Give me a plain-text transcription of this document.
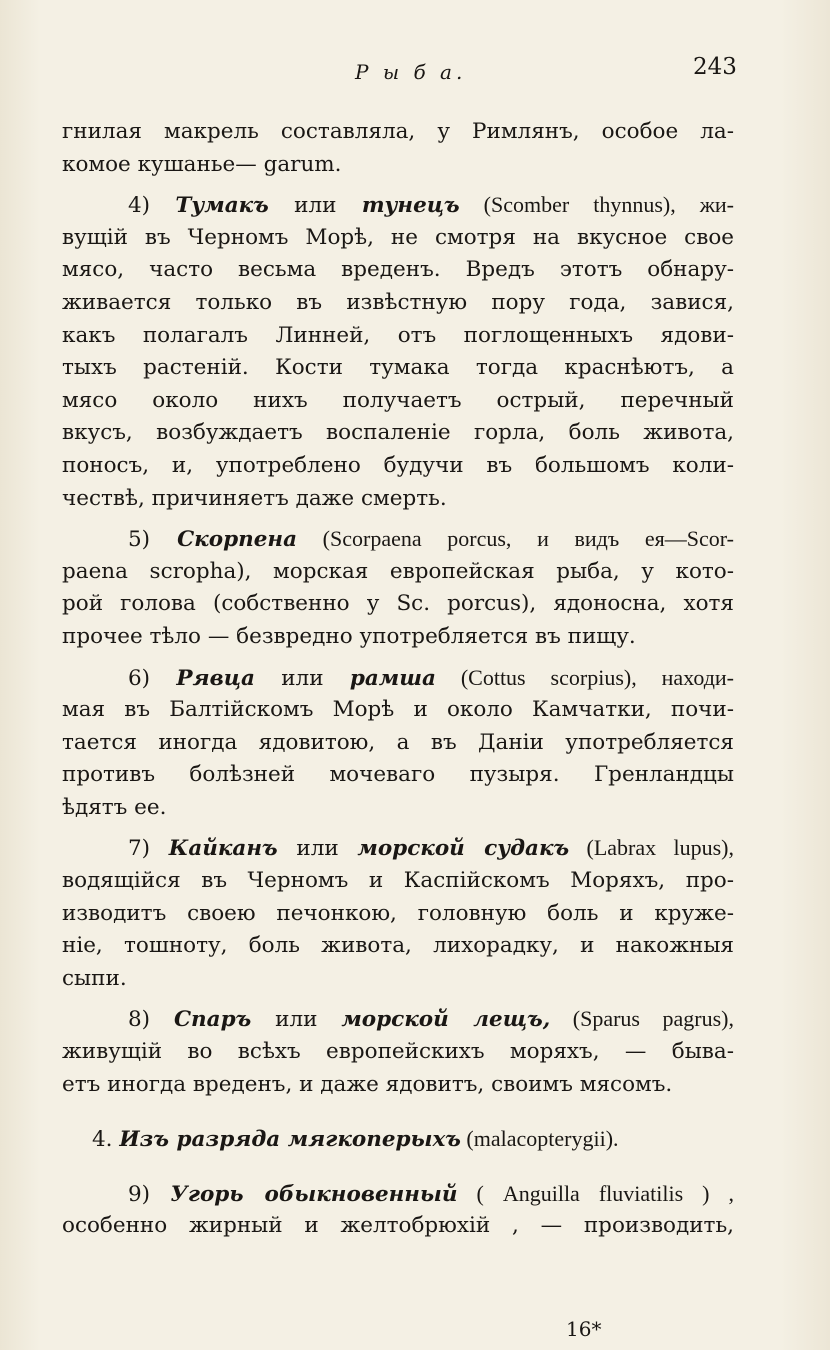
Р ы б а.	243
гнилая макрель составляла, у Римлянъ, особое ла-
комое кушанье— garum.
4) Тумакъ или тунецъ (Scomber thynnus), жи-
вущій въ Черномъ Морѣ, не смотря на вкусное свое
мясо, часто весьма вреденъ. Вредъ этотъ обнару-
живается только въ извѣстную пору года, завися,
какъ полагалъ Линней, отъ поглощенныхъ ядови-
тыхъ растеній. Кости тумака тогда краснѣютъ, а
мясо около нихъ получаетъ острый, перечный
вкусъ, возбуждаетъ воспаленіе горла, боль живота,
поносъ, и, употреблено будучи въ большомъ коли-
чествѣ, причиняетъ даже смерть.
5) Скорпена (Scorpaena porcus, и видъ ея—Scor-
paena scropha), морская европейская рыба, у кото-
рой голова (собственно у Sc. porcus), ядоносна, хотя
прочее тѣло — безвредно употребляется въ пищу.
6) Рявца или рамша (Cottus scorpius), находи-
мая въ Балтійскомъ Морѣ и около Камчатки, почи-
тается иногда ядовитою, а въ Даніи употребляется
противъ болѣзней мочеваго пузыря. Гренландцы
ѣдятъ ее.
7) Кайканъ или морской судакъ (Labrax lupus),
водящійся въ Черномъ и Каспійскомъ Моряхъ, про-
изводитъ своею печонкою, головную боль и круже-
ніе, тошноту, боль живота, лихорадку, и накожныя
сыпи.
8) Спаръ или морской лещъ, (Sparus pagrus),
живущій во всѣхъ европейскихъ моряхъ, — быва-
етъ иногда вреденъ, и даже ядовитъ, своимъ мясомъ.
4. Изъ разряда мягкоперыхъ (malacopterygii).
9) Угорь обыкновенный ( Anguilla fluviatilis ) ,
особенно жирный и желтобрюхій , — производить,
16*
